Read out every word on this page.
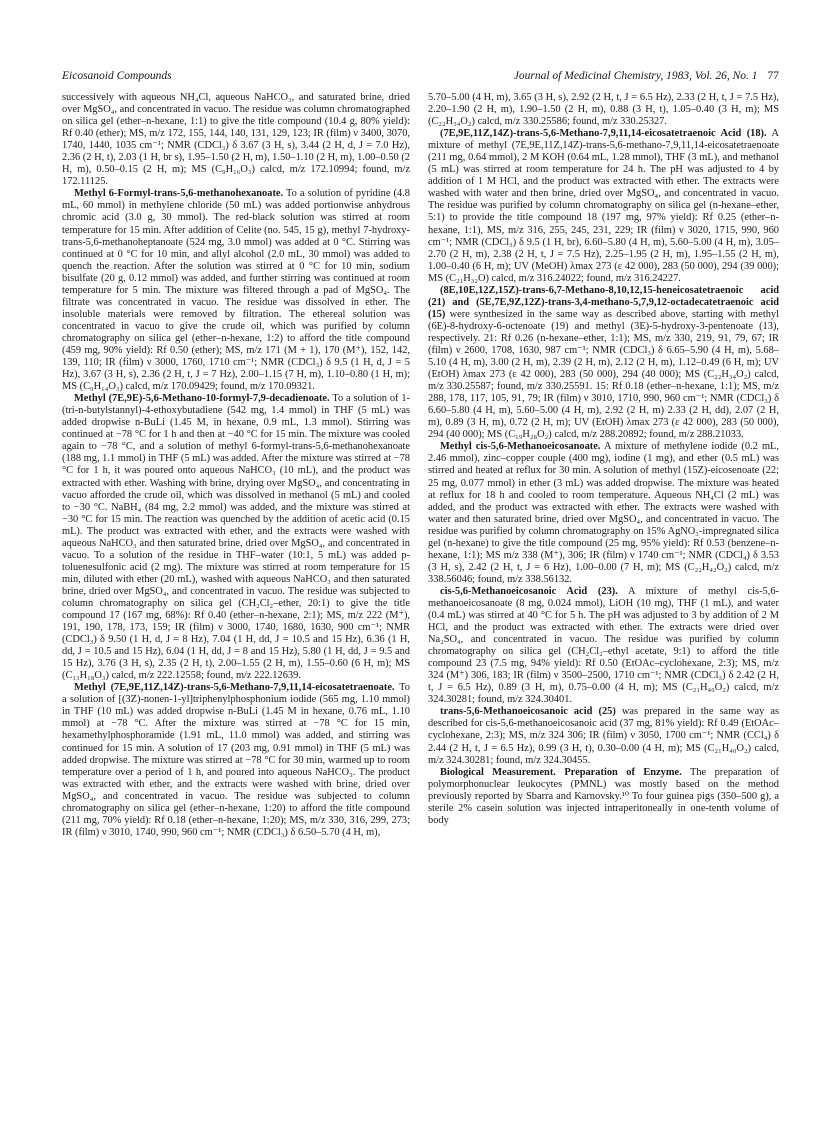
Eicosanoid Compounds	Journal of Medicinal Chemistry, 1983, Vol. 26, No. 1 77

successively with aqueous NH₄Cl, aqueous NaHCO₃, and saturated brine, dried over MgSO₄, and concentrated in vacuo. The residue was column chromatographed on silica gel (ether–n-hexane, 1:1) to give the title compound (10.4 g, 80% yield): Rf 0.40 (ether); MS, m/z 172, 155, 144, 140, 131, 129, 123; IR (film) ν 3400, 3070, 1740, 1440, 1035 cm⁻¹; NMR (CDCl₃) δ 3.67 (3 H, s), 3.44 (2 H, d, J = 7.0 Hz), 2.36 (2 H, t), 2.03 (1 H, br s), 1.95–1.50 (2 H, m), 1.50–1.10 (2 H, m), 1.00–0.50 (2 H, m), 0.50–0.15 (2 H, m); MS (C₉H₁₆O₃) calcd, m/z 172.10994; found, m/z 172.11125.

Methyl 6-Formyl-trans-5,6-methanohexanoate. To a solution of pyridine (4.8 mL, 60 mmol) in methylene chloride (50 mL) was added portionwise anhydrous chromic acid (3.0 g, 30 mmol). The red-black solution was stirred at room temperature for 15 min. After addition of Celite (no. 545, 15 g), methyl 7-hydroxy-trans-5,6-methanoheptanoate (524 mg, 3.0 mmol) was added at 0 °C. Stirring was continued at 0 °C for 10 min, and allyl alcohol (2.0 mL, 30 mmol) was added to quench the reaction. After the solution was stirred at 0 °C for 10 min, sodium bisulfate (20 g, 0.12 mmol) was added, and further stirring was continued at room temperature for 5 min. The mixture was filtered through a pad of MgSO₄. The filtrate was concentrated in vacuo. The residue was dissolved in ether. The insoluble materials were removed by filtration. The ethereal solution was concentrated in vacuo to give the crude oil, which was purified by column chromatography on silica gel (ether–n-hexane, 1:2) to afford the title compound (459 mg, 90% yield): Rf 0.50 (ether); MS, m/z 171 (M + 1), 170 (M⁺), 152, 142, 139, 110; IR (film) ν 3000, 1760, 1710 cm⁻¹; NMR (CDCl₃) δ 9.5 (1 H, d, J = 5 Hz), 3.67 (3 H, s), 2.36 (2 H, t, J = 7 Hz), 2.00–1.15 (7 H, m), 1.10–0.80 (1 H, m); MS (C₉H₁₄O₃) calcd, m/z 170.09429; found, m/z 170.09321.

Methyl (7E,9E)-5,6-Methano-10-formyl-7,9-decadienoate. To a solution of 1-(tri-n-butylstannyl)-4-ethoxybutadiene (542 mg, 1.4 mmol) in THF (5 mL) was added dropwise n-BuLi (1.45 M, in hexane, 0.9 mL, 1.3 mmol). Stirring was continued at −78 °C for 1 h and then at −40 °C for 15 min. The mixture was cooled again to −78 °C, and a solution of methyl 6-formyl-trans-5,6-methanohexanoate (188 mg, 1.1 mmol) in THF (5 mL) was added. After the mixture was stirred at −78 °C for 1 h, it was poured onto aqueous NaHCO₃ (10 mL), and the product was extracted with ether. Washing with brine, drying over MgSO₄, and concentrating in vacuo afforded the crude oil, which was dissolved in methanol (5 mL) and cooled to −30 °C. NaBH₄ (84 mg, 2.2 mmol) was added, and the mixture was stirred at −30 °C for 15 min. The reaction was quenched by the addition of acetic acid (0.15 mL). The product was extracted with ether, and the extracts were washed with aqueous NaHCO₃ and then saturated brine, dried over MgSO₄, and concentrated in vacuo. To a solution of the residue in THF–water (10:1, 5 mL) was added p-toluenesulfonic acid (2 mg). The mixture was stirred at room temperature for 15 min, diluted with ether (20 mL), washed with aqueous NaHCO₃ and then saturated brine, dried over MgSO₄, and concentrated in vacuo. The residue was subjected to column chromatography on silica gel (CH₂Cl₂–ether, 20:1) to give the title compound 17 (167 mg, 68%): Rf 0.40 (ether–n-hexane, 2:1); MS, m/z 222 (M⁺), 191, 190, 178, 173, 159; IR (film) ν 3000, 1740, 1680, 1630, 900 cm⁻¹; NMR (CDCl₃) δ 9.50 (1 H, d, J = 8 Hz), 7.04 (1 H, dd, J = 10.5 and 15 Hz), 6.36 (1 H, dd, J = 10.5 and 15 Hz), 6.04 (1 H, dd, J = 8 and 15 Hz), 5.80 (1 H, dd, J = 9.5 and 15 Hz), 3.76 (3 H, s), 2.35 (2 H, t), 2.00–1.55 (2 H, m), 1.55–0.60 (6 H, m); MS (C₁₃H₁₈O₃) calcd, m/z 222.12558; found, m/z 222.12639.

Methyl (7E,9E,11Z,14Z)-trans-5,6-Methano-7,9,11,14-eicosatetraenoate. To a solution of [(3Z)-nonen-1-yl]triphenylphosphonium iodide (565 mg, 1.10 mmol) in THF (10 mL) was added dropwise n-BuLi (1.45 M in hexane, 0.76 mL, 1.10 mmol) at −78 °C. After the mixture was stirred at −78 °C for 15 min, hexamethylphosphoramide (1.91 mL, 11.0 mmol) was added, and stirring was continued for 15 min. A solution of 17 (203 mg, 0.91 mmol) in THF (5 mL) was added dropwise. The mixture was stirred at −78 °C for 30 min, warmed up to room temperature over a period of 1 h, and poured into aqueous NaHCO₃. The product was extracted with ether, and the extracts were washed with brine, dried over MgSO₄, and concentrated in vacuo. The residue was subjected to column chromatography on silica gel (ether–n-hexane, 1:20) to afford the title compound (211 mg, 70% yield): Rf 0.18 (ether–n-hexane, 1:20); MS, m/z 330, 316, 299, 273; IR (film) ν 3010, 1740, 990, 960 cm⁻¹; NMR (CDCl₃) δ 6.50–5.70 (4 H, m),

5.70–5.00 (4 H, m), 3.65 (3 H, s), 2.92 (2 H, t, J = 6.5 Hz), 2.33 (2 H, t, J = 7.5 Hz), 2.20–1.90 (2 H, m), 1.90–1.50 (2 H, m), 0.88 (3 H, t), 1.05–0.40 (3 H, m); MS (C₂₂H₃₄O₂) calcd, m/z 330.25586; found, m/z 330.25327.

(7E,9E,11Z,14Z)-trans-5,6-Methano-7,9,11,14-eicosatetraenoic Acid (18). A mixture of methyl (7E,9E,11Z,14Z)-trans-5,6-methano-7,9,11,14-eicosatetraenoate (211 mg, 0.64 mmol), 2 M KOH (0.64 mL, 1.28 mmol), THF (3 mL), and methanol (5 mL) was stirred at room temperature for 24 h. The pH was adjusted to 4 by addition of 1 M HCl, and the product was extracted with ether. The extracts were washed with water and then brine, dried over MgSO₄, and concentrated in vacuo. The residue was purified by column chromatography on silica gel (n-hexane–ether, 5:1) to provide the title compound 18 (197 mg, 97% yield): Rf 0.25 (ether–n-hexane, 1:1), MS, m/z 316, 255, 245, 231, 229; IR (film) ν 3020, 1715, 990, 960 cm⁻¹; NMR (CDCl₃) δ 9.5 (1 H, br), 6.60–5.80 (4 H, m), 5.60–5.00 (4 H, m), 3.05–2.70 (2 H, m), 2.38 (2 H, t, J = 7.5 Hz), 2.25–1.95 (2 H, m), 1.95–1.55 (2 H, m), 1.00–0.40 (6 H, m); UV (MeOH) λmax 273 (ε 42 000), 283 (50 000), 294 (39 000); MS (C₂₁H₃₂O) calcd, m/z 316.24022; found, m/z 316.24227.

(8E,10E,12Z,15Z)-trans-6,7-Methano-8,10,12,15-heneicosatetraenoic acid (21) and (5E,7E,9Z,12Z)-trans-3,4-methano-5,7,9,12-octadecatetraenoic acid (15) were synthesized in the same way as described above, starting with methyl (6E)-8-hydroxy-6-octenoate (19) and methyl (3E)-5-hydroxy-3-pentenoate (13), respectively. 21: Rf 0.26 (n-hexane–ether, 1:1); MS, m/z 330, 219, 91, 79, 67; IR (film) ν 2600, 1708, 1630, 987 cm⁻¹; NMR (CDCl₃) δ 6.65–5.90 (4 H, m), 5.68–5.10 (4 H, m), 3.00 (2 H, m), 2.39 (2 H, m), 2.12 (2 H, m), 1.12–0.49 (6 H, m); UV (EtOH) λmax 273 (ε 42 000), 283 (50 000), 294 (40 000); MS (C₂₂H₃₄O₂) calcd, m/z 330.25587; found, m/z 330.25591. 15: Rf 0.18 (ether–n-hexane, 1:1); MS, m/z 288, 178, 117, 105, 91, 79; IR (film) ν 3010, 1710, 990, 960 cm⁻¹; NMR (CDCl₃) δ 6.60–5.80 (4 H, m), 5.60–5.00 (4 H, m), 2.92 (2 H, m) 2.33 (2 H, dd), 2.07 (2 H, m), 0.89 (3 H, m), 0.72 (2 H, m); UV (EtOH) λmax 273 (ε 42 000), 283 (50 000), 294 (40 000); MS (C₁₉H₂₈O₂) calcd, m/z 288.20892; found, m/z 288.21033.

Methyl cis-5,6-Methanoeicosanoate. A mixture of methylene iodide (0.2 mL, 2.46 mmol), zinc–copper couple (400 mg), iodine (1 mg), and ether (0.5 mL) was stirred and heated at reflux for 30 min. A solution of methyl (15Z)-eicosenoate (22; 25 mg, 0.077 mmol) in ether (3 mL) was added dropwise. The mixture was heated at reflux for 18 h and cooled to room temperature. Aqueous NH₄Cl (2 mL) was added, and the product was extracted with ether. The extracts were washed with water and then saturated brine, dried over MgSO₄, and concentrated in vacuo. The residue was purified by column chromatography on 15% AgNO₃-impregnated silica gel (n-hexane) to give the title compound (25 mg, 95% yield): Rf 0.53 (benzene–n-hexane, 1:1); MS m/z 338 (M⁺), 306; IR (film) ν 1740 cm⁻¹; NMR (CDCl₄) δ 3.53 (3 H, s), 2.42 (2 H, t, J = 6 Hz), 1.00–0.00 (7 H, m); MS (C₂₂H₄₂O₂) calcd, m/z 338.56046; found, m/z 338.56132.

cis-5,6-Methanoeicosanoic Acid (23). A mixture of methyl cis-5,6-methanoeicosanoate (8 mg, 0.024 mmol), LiOH (10 mg), THF (1 mL), and water (0.4 mL) was stirred at 40 °C for 5 h. The pH was adjusted to 3 by addition of 2 M HCl, and the product was extracted with ether. The extracts were dried over Na₂SO₄, and concentrated in vacuo. The residue was purified by column chromatography on silica gel (CH₂Cl₂–ethyl acetate, 9:1) to afford the title compound 23 (7.5 mg, 94% yield): Rf 0.50 (EtOAc–cyclohexane, 2:3); MS, m/z 324 (M⁺) 306, 183; IR (film) ν 3500–2500, 1710 cm⁻¹; NMR (CDCl₃) δ 2.42 (2 H, t, J = 6.5 Hz), 0.89 (3 H, m), 0.75–0.00 (4 H, m); MS (C₂₁H₄₀O₂) calcd, m/z 324.30281; found, m/z 324.30401.

trans-5,6-Methanoeicosanoic acid (25) was prepared in the same way as described for cis-5,6-methanoeicosanoic acid (37 mg, 81% yield): Rf 0.49 (EtOAc–cyclohexane, 2:3); MS, m/z 324 306; IR (film) ν 3050, 1700 cm⁻¹; NMR (CCl₄) δ 2.44 (2 H, t, J = 6.5 Hz), 0.99 (3 H, t), 0.30–0.00 (4 H, m); MS (C₂₁H₄₀O₂) calcd, m/z 324.30281; found, m/z 324.30455.

Biological Measurement. Preparation of Enzyme. The preparation of polymorphonuclear leukocytes (PMNL) was mostly based on the method previously reported by Sbarra and Karnovsky.¹⁰ To four guinea pigs (350–500 g), a sterile 2% casein solution was injected intraperitoneally in one-tenth volume of body
